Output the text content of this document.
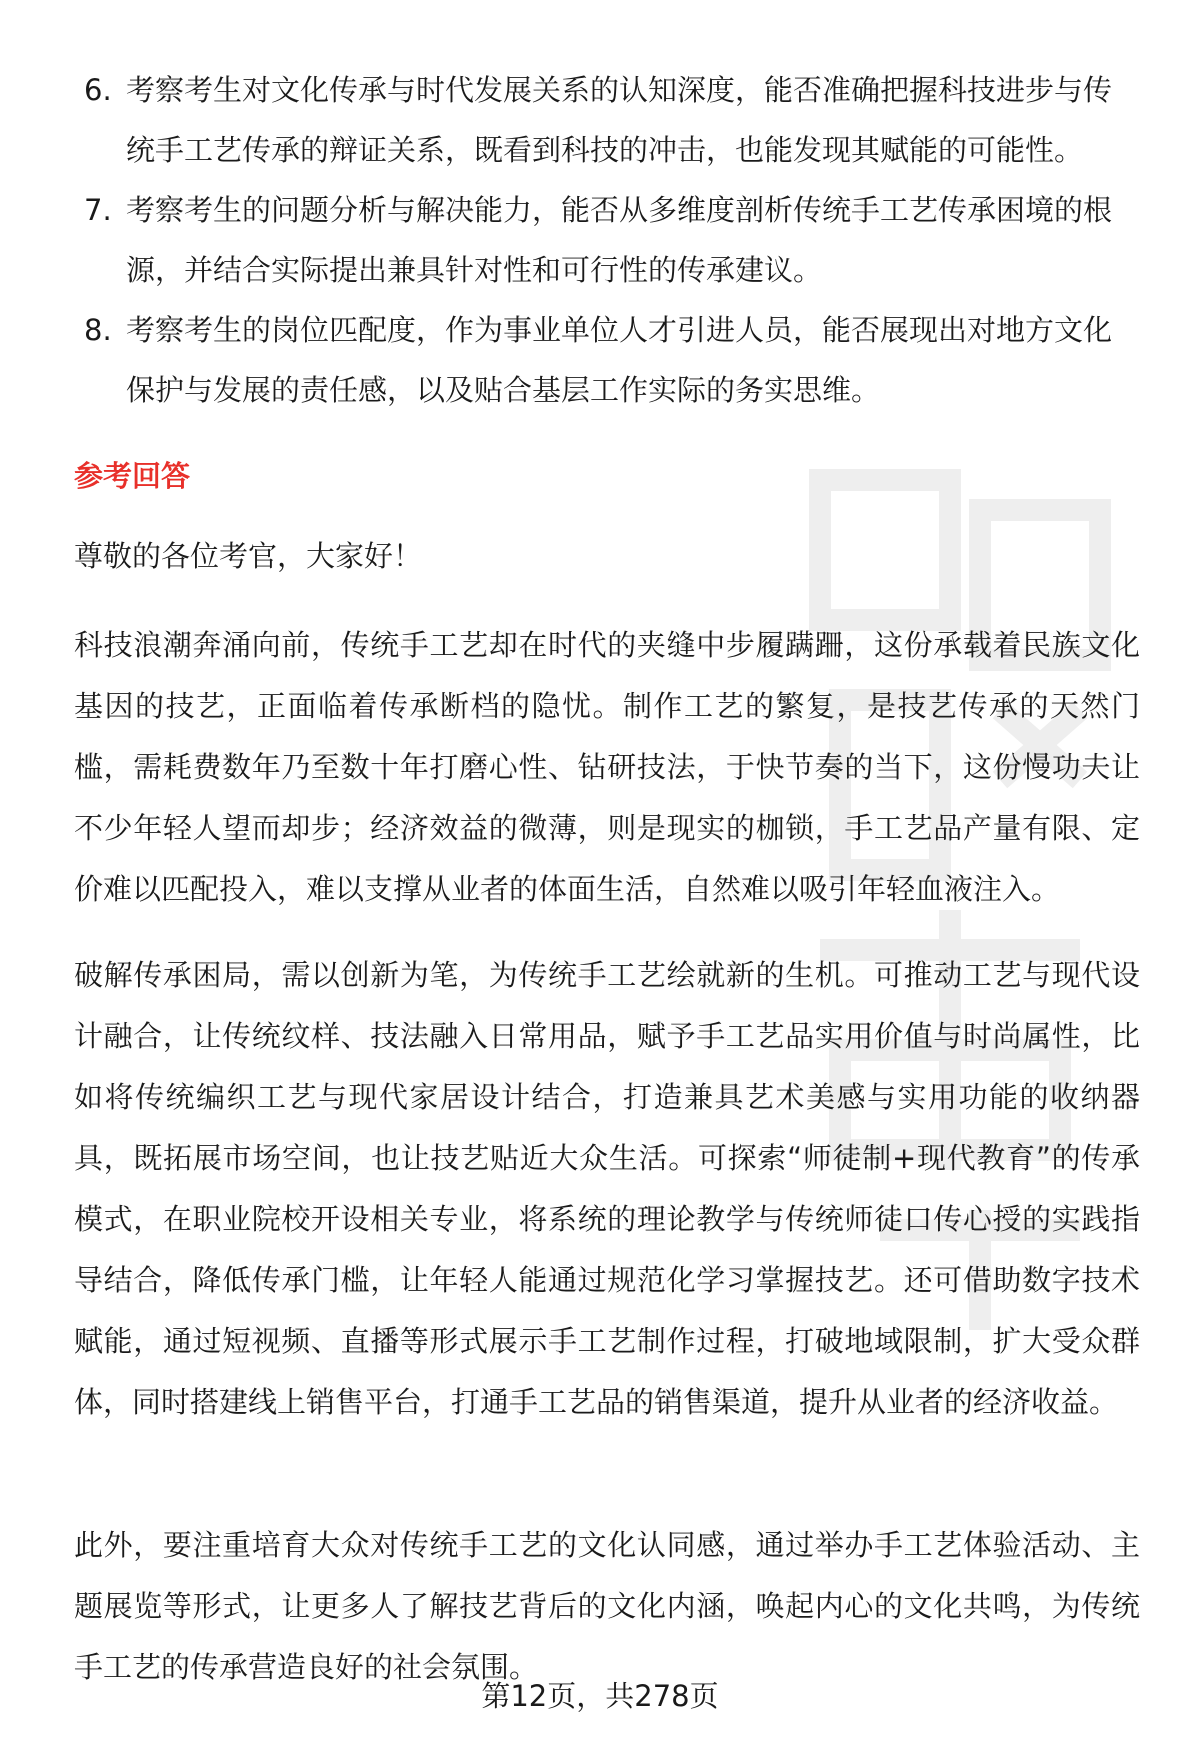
6. 考察考生对文化传承与时代发展关系的认知深度，能否准确把握科技进步与传统手工艺传承的辩证关系，既看到科技的冲击，也能发现其赋能的可能性。
7. 考察考生的问题分析与解决能力，能否从多维度剖析传统手工艺传承困境的根源，并结合实际提出兼具针对性和可行性的传承建议。
8. 考察考生的岗位匹配度，作为事业单位人才引进人员，能否展现出对地方文化保护与发展的责任感，以及贴合基层工作实际的务实思维。
参考回答
尊敬的各位考官，大家好！

科技浪潮奔涌向前，传统手工艺却在时代的夹缝中步履蹒跚，这份承载着民族文化基因的技艺，正面临着传承断档的隐忧。制作工艺的繁复，是技艺传承的天然门槛，需耗费数年乃至数十年打磨心性、钻研技法，于快节奏的当下，这份慢功夫让不少年轻人望而却步；经济效益的微薄，则是现实的枷锁，手工艺品产量有限、定价难以匹配投入，难以支撑从业者的体面生活，自然难以吸引年轻血液注入。

破解传承困局，需以创新为笔，为传统手工艺绘就新的生机。可推动工艺与现代设计融合，让传统纹样、技法融入日常用品，赋予手工艺品实用价值与时尚属性，比如将传统编织工艺与现代家居设计结合，打造兼具艺术美感与实用功能的收纳器具，既拓展市场空间，也让技艺贴近大众生活。可探索“师徒制+现代教育”的传承模式，在职业院校开设相关专业，将系统的理论教学与传统师徒口传心授的实践指导结合，降低传承门槛，让年轻人能通过规范化学习掌握技艺。还可借助数字技术赋能，通过短视频、直播等形式展示手工艺制作过程，打破地域限制，扩大受众群体，同时搭建线上销售平台，打通手工艺品的销售渠道，提升从业者的经济收益。

此外，要注重培育大众对传统手工艺的文化认同感，通过举办手工艺体验活动、主题展览等形式，让更多人了解技艺背后的文化内涵，唤起内心的文化共鸣，为传统手工艺的传承营造良好的社会氛围。

第12页，共278页
